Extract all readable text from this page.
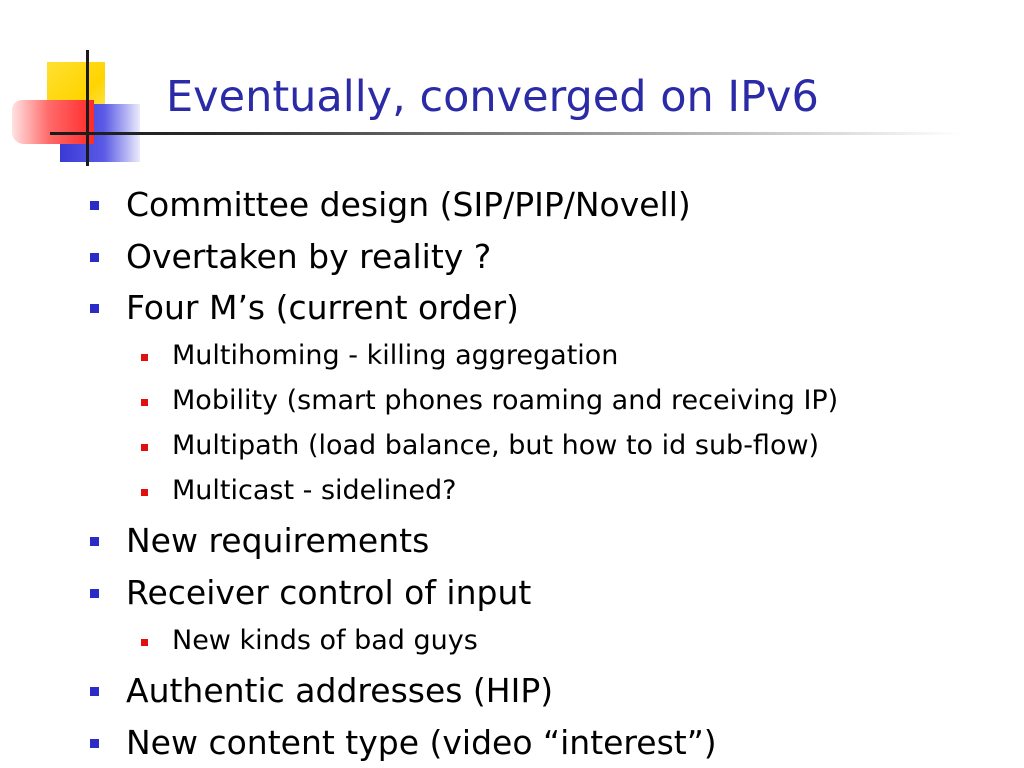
Eventually, converged on IPv6
Committee design (SIP/PIP/Novell)
Overtaken by reality ?
Four M’s (current order)
Multihoming - killing aggregation
Mobility (smart phones roaming and receiving IP)
Multipath (load balance, but how to id sub-flow)
Multicast - sidelined?
New requirements
Receiver control of input
New kinds of bad guys
Authentic addresses (HIP)
New content type (video “interest”)
